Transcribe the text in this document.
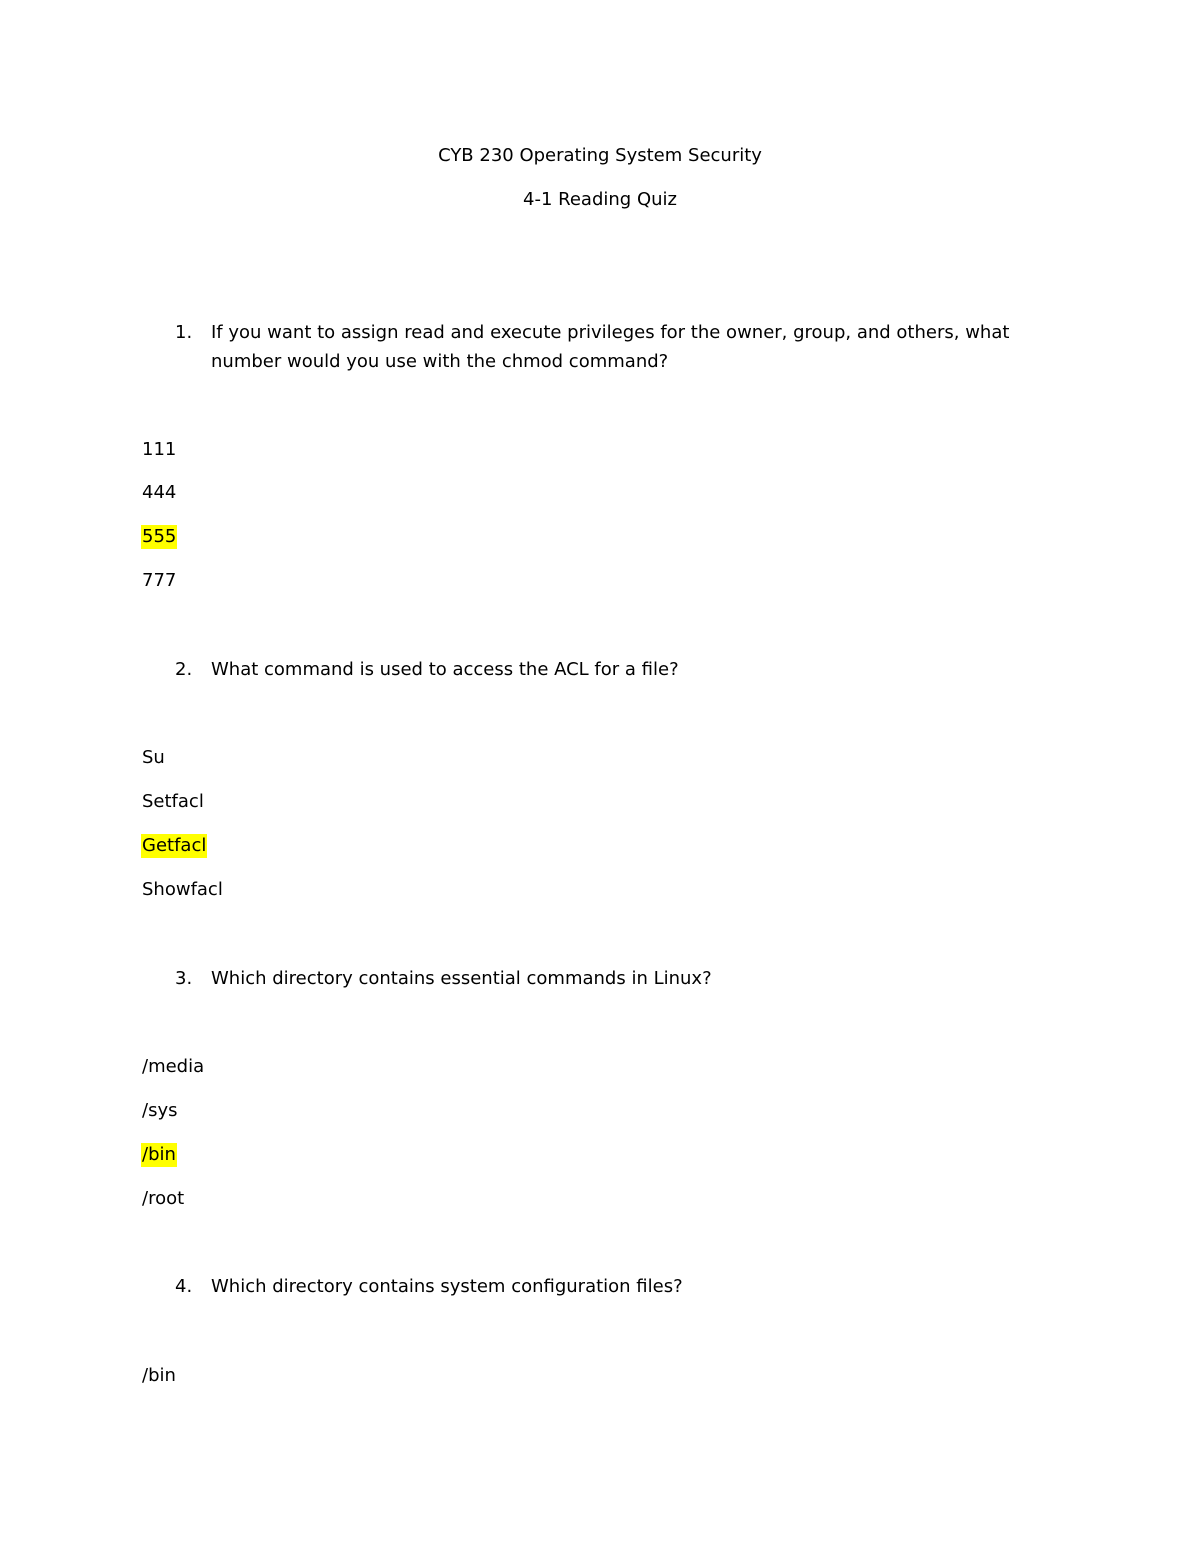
CYB 230 Operating System Security
4-1 Reading Quiz
1.	If you want to assign read and execute privileges for the owner, group, and others, what number would you use with the chmod command?
111
444
555
777
2.	What command is used to access the ACL for a file?
Su
Setfacl
Getfacl
Showfacl
3.	Which directory contains essential commands in Linux?
/media
/sys
/bin
/root
4.	Which directory contains system configuration files?
/bin
